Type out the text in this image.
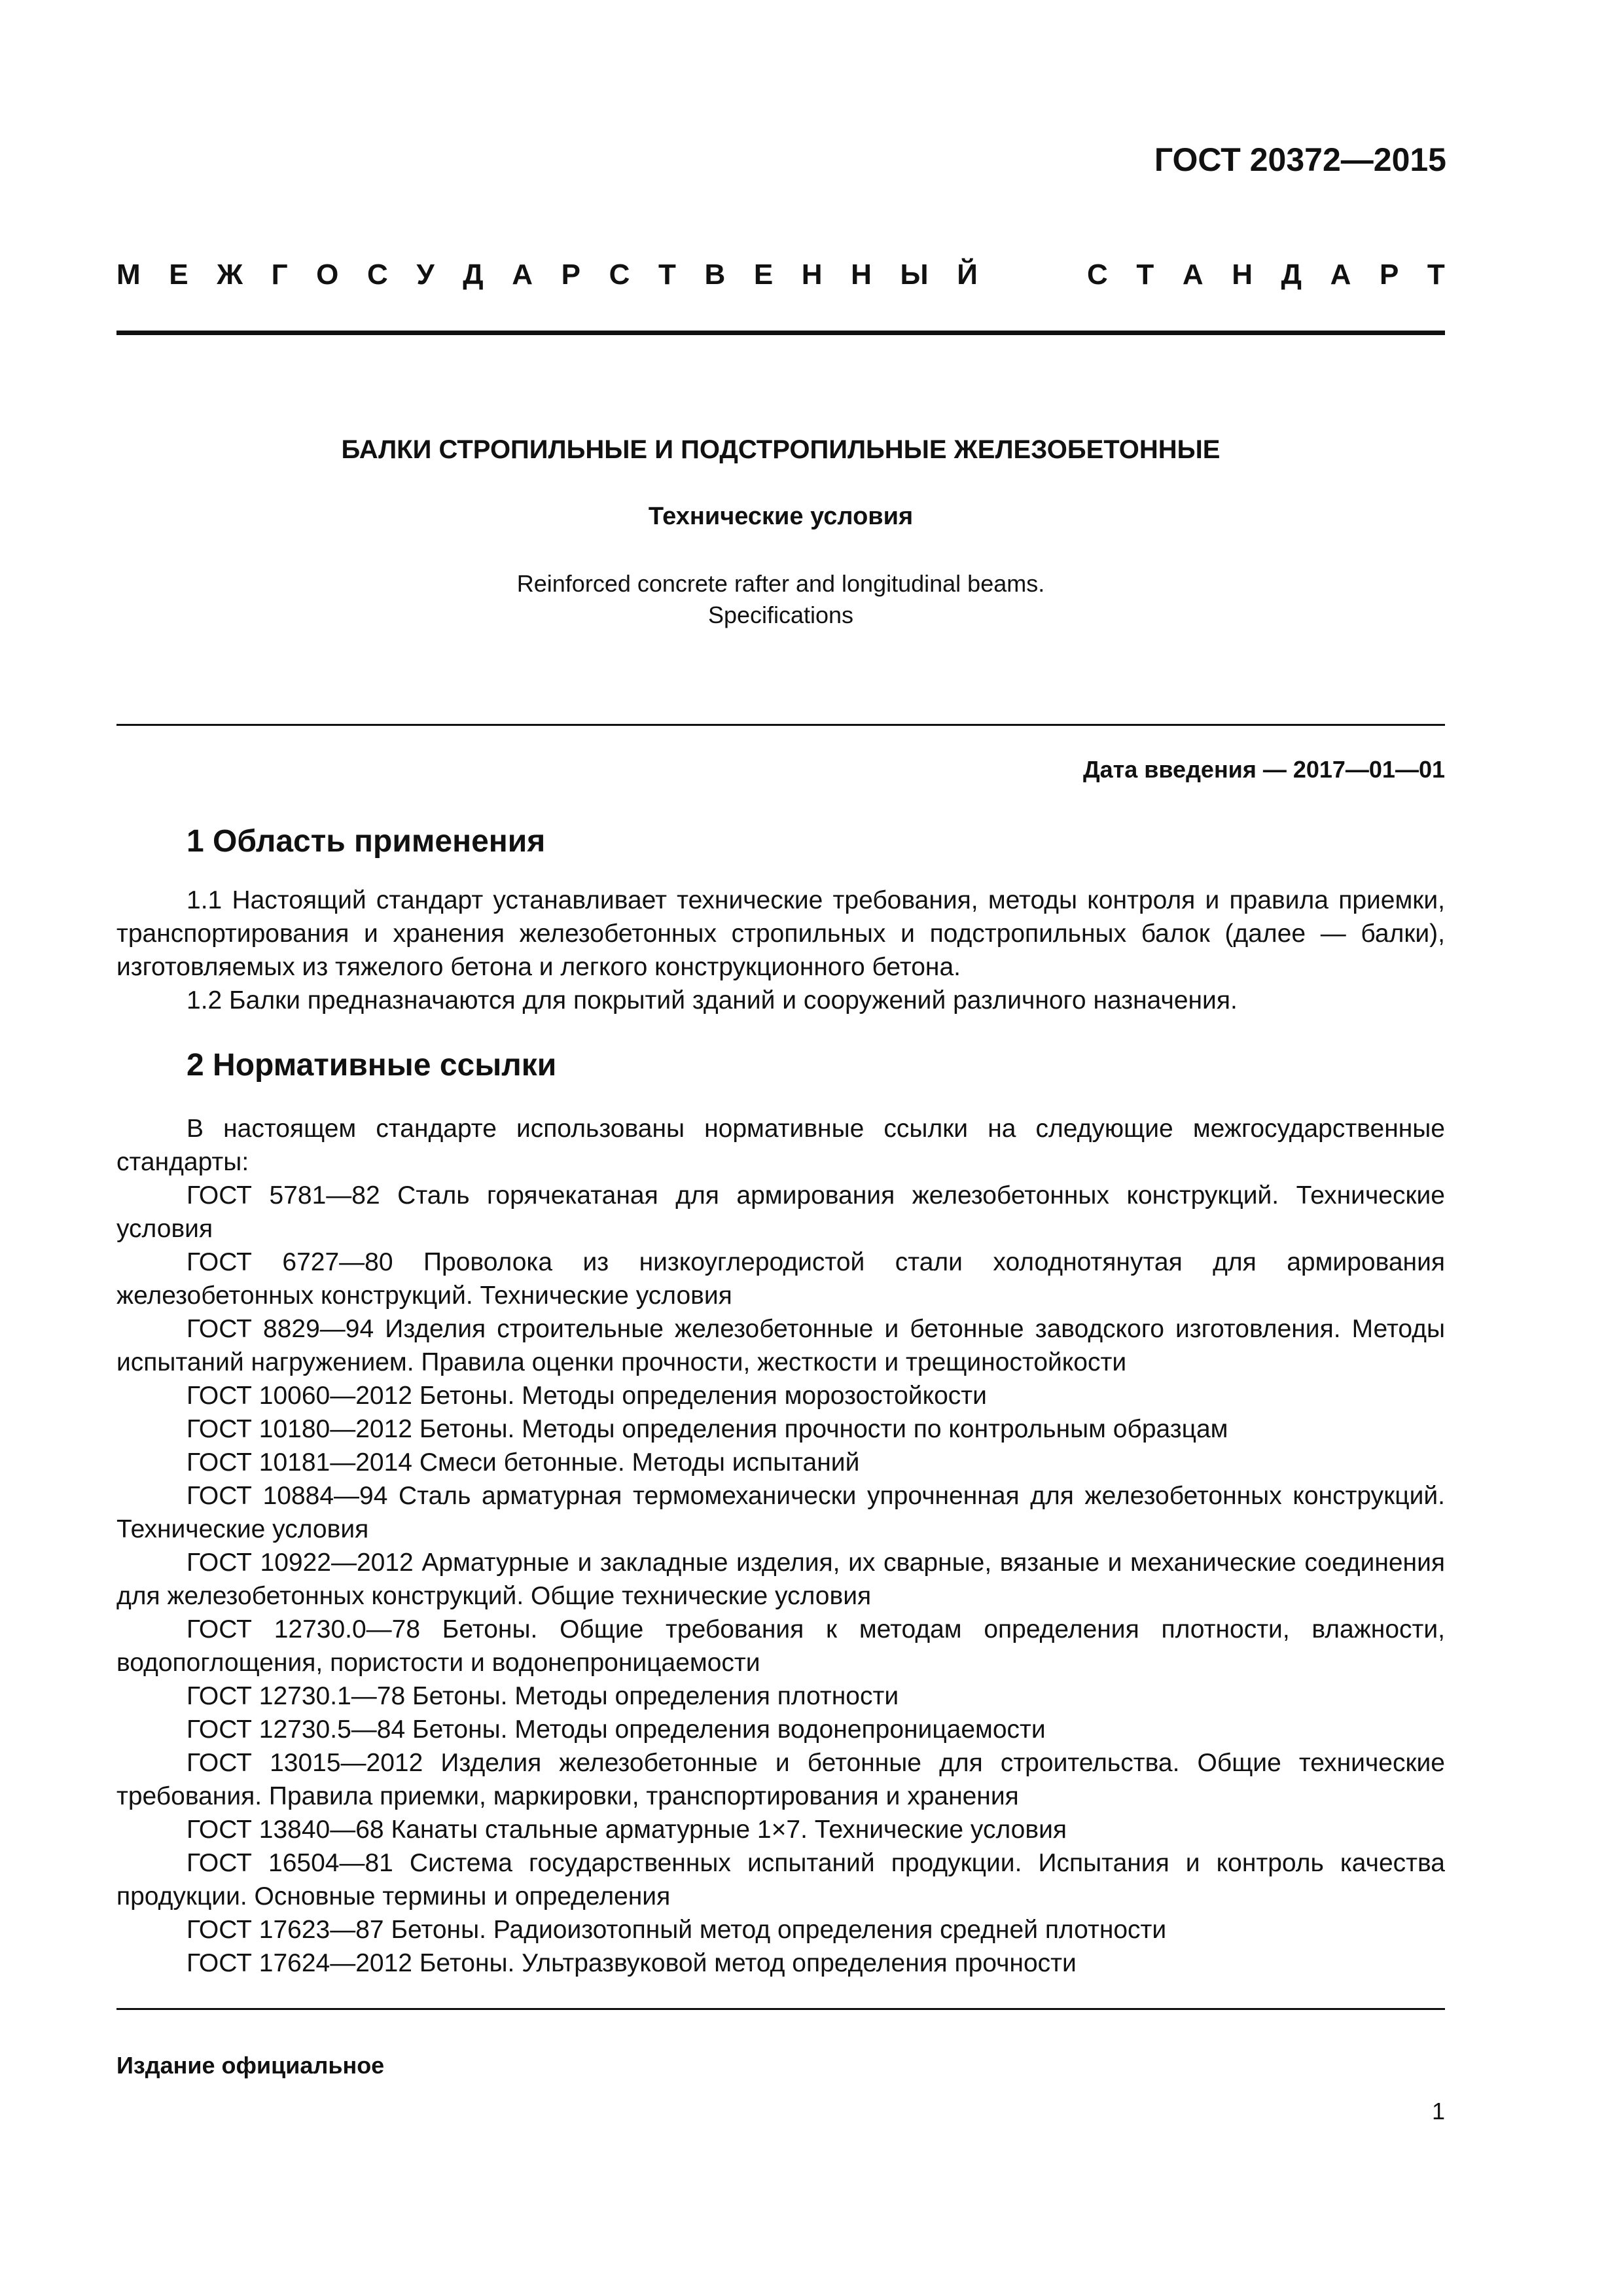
ГОСТ 20372—2015
М Е Ж Г О С У Д А Р С Т В Е Н Н Ы Й	С Т А Н Д А Р Т
БАЛКИ СТРОПИЛЬНЫЕ И ПОДСТРОПИЛЬНЫЕ ЖЕЛЕЗОБЕТОННЫЕ
Технические условия
Reinforced concrete rafter and longitudinal beams.
Specifications
Дата введения — 2017—01—01
1 Область применения

1.1 Настоящий стандарт устанавливает технические требования, методы контроля и правила приемки, транспортирования и хранения железобетонных стропильных и подстропильных балок (далее — балки), изготовляемых из тяжелого бетона и легкого конструкционного бетона.

1.2 Балки предназначаются для покрытий зданий и сооружений различного назначения.

2 Нормативные ссылки

В настоящем стандарте использованы нормативные ссылки на следующие межгосударственные стандарты:

ГОСТ 5781—82 Сталь горячекатаная для армирования железобетонных конструкций. Технические условия

ГОСТ 6727—80 Проволока из низкоуглеродистой стали холоднотянутая для армирования железобетонных конструкций. Технические условия

ГОСТ 8829—94 Изделия строительные железобетонные и бетонные заводского изготовления. Методы испытаний нагружением. Правила оценки прочности, жесткости и трещиностойкости

ГОСТ 10060—2012 Бетоны. Методы определения морозостойкости

ГОСТ 10180—2012 Бетоны. Методы определения прочности по контрольным образцам

ГОСТ 10181—2014 Смеси бетонные. Методы испытаний

ГОСТ 10884—94 Сталь арматурная термомеханически упрочненная для железобетонных конструкций. Технические условия

ГОСТ 10922—2012 Арматурные и закладные изделия, их сварные, вязаные и механические соединения для железобетонных конструкций. Общие технические условия

ГОСТ 12730.0—78 Бетоны. Общие требования к методам определения плотности, влажности, водопоглощения, пористости и водонепроницаемости

ГОСТ 12730.1—78 Бетоны. Методы определения плотности

ГОСТ 12730.5—84 Бетоны. Методы определения водонепроницаемости

ГОСТ 13015—2012 Изделия железобетонные и бетонные для строительства. Общие технические требования. Правила приемки, маркировки, транспортирования и хранения

ГОСТ 13840—68 Канаты стальные арматурные 1×7. Технические условия

ГОСТ 16504—81 Система государственных испытаний продукции. Испытания и контроль качества продукции. Основные термины и определения

ГОСТ 17623—87 Бетоны. Радиоизотопный метод определения средней плотности

ГОСТ 17624—2012 Бетоны. Ультразвуковой метод определения прочности

Издание официальное
1
